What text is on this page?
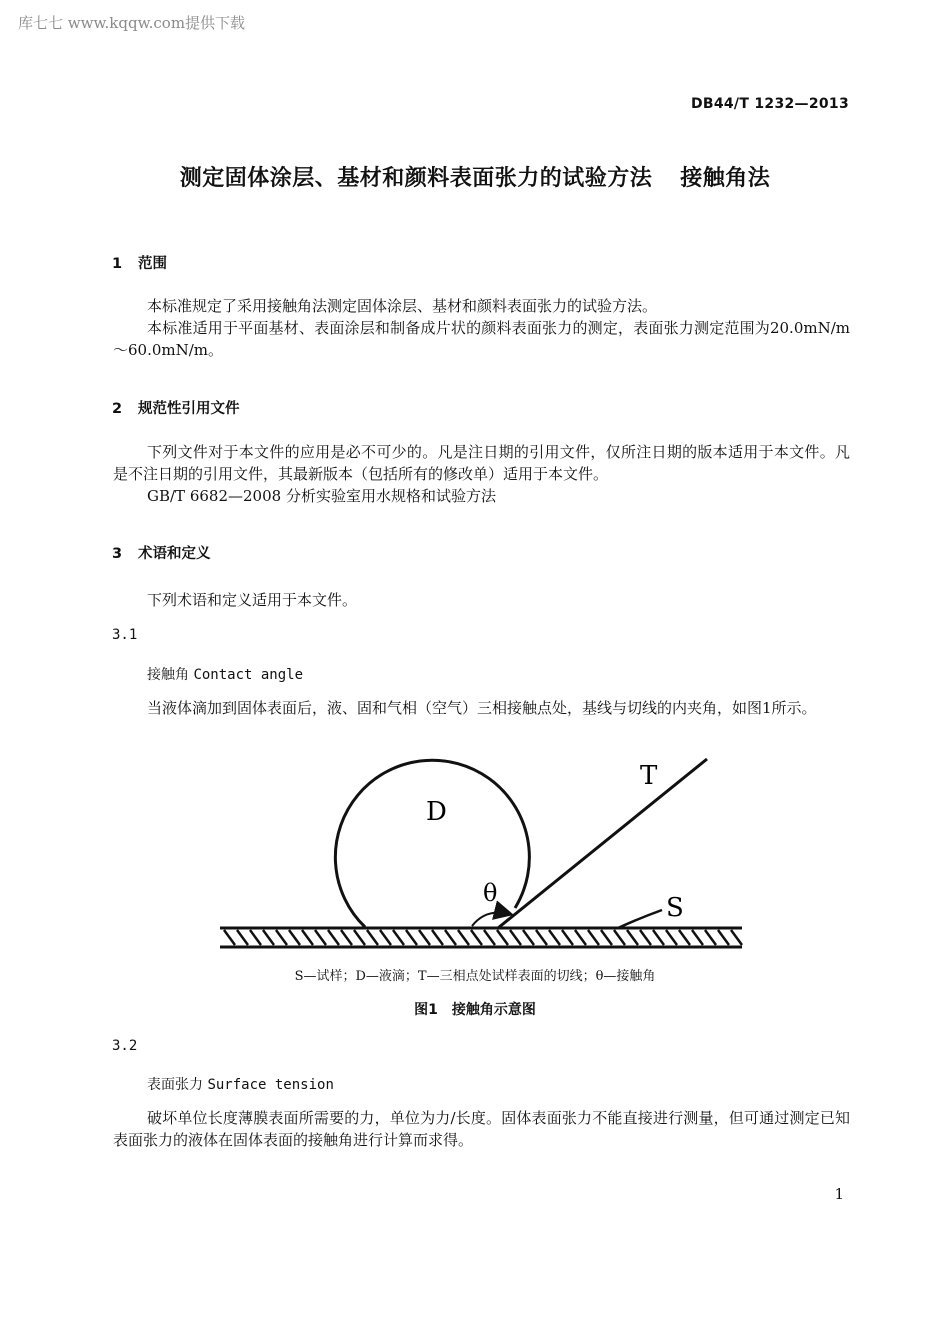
库七七 www.kqqw.com提供下载
DB44/T 1232—2013
测定固体涂层、基材和颜料表面张力的试验方法 接触角法
1 范围

本标准规定了采用接触角法测定固体涂层、基材和颜料表面张力的试验方法。

本标准适用于平面基材、表面涂层和制备成片状的颜料表面张力的测定，表面张力测定范围为20.0mN/m～60.0mN/m。

2 规范性引用文件

下列文件对于本文件的应用是必不可少的。凡是注日期的引用文件，仅所注日期的版本适用于本文件。凡是不注日期的引用文件，其最新版本（包括所有的修改单）适用于本文件。

GB/T 6682—2008 分析实验室用水规格和试验方法

3 术语和定义

下列术语和定义适用于本文件。

3.1
接触角 Contact angle

当液体滴加到固体表面后，液、固和气相（空气）三相接触点处，基线与切线的内夹角，如图1所示。

D
T
S
θ
S—试样；D—液滴；T—三相点处试样表面的切线；θ—接触角
图1　接触角示意图
3.2
表面张力 Surface tension

破坏单位长度薄膜表面所需要的力，单位为力/长度。固体表面张力不能直接进行测量，但可通过测定已知表面张力的液体在固体表面的接触角进行计算而求得。

1
